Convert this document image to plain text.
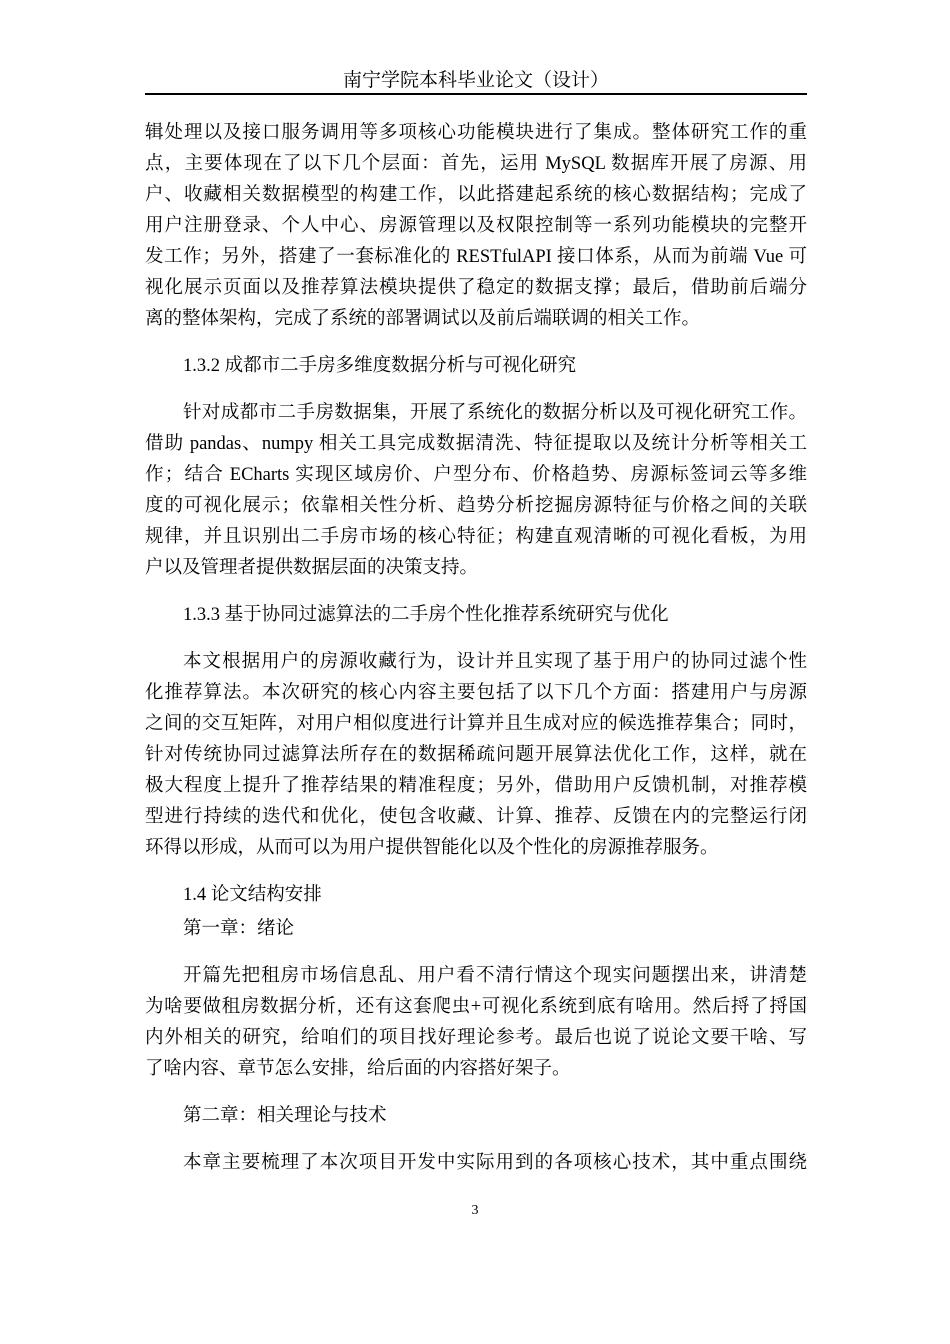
南宁学院本科毕业论文（设计）
辑处理以及接口服务调用等多项核心功能模块进行了集成。整体研究工作的重
点，主要体现在了以下几个层面：首先，运用 MySQL 数据库开展了房源、用
户、收藏相关数据模型的构建工作，以此搭建起系统的核心数据结构；完成了
用户注册登录、个人中心、房源管理以及权限控制等一系列功能模块的完整开
发工作；另外，搭建了一套标准化的 RESTfulAPI 接口体系，从而为前端 Vue 可
视化展示页面以及推荐算法模块提供了稳定的数据支撑；最后，借助前后端分
离的整体架构，完成了系统的部署调试以及前后端联调的相关工作。
1.3.2 成都市二手房多维度数据分析与可视化研究
针对成都市二手房数据集，开展了系统化的数据分析以及可视化研究工作。
借助 pandas、numpy 相关工具完成数据清洗、特征提取以及统计分析等相关工
作；结合 ECharts 实现区域房价、户型分布、价格趋势、房源标签词云等多维
度的可视化展示；依靠相关性分析、趋势分析挖掘房源特征与价格之间的关联
规律，并且识别出二手房市场的核心特征；构建直观清晰的可视化看板，为用
户以及管理者提供数据层面的决策支持。
1.3.3 基于协同过滤算法的二手房个性化推荐系统研究与优化
本文根据用户的房源收藏行为，设计并且实现了基于用户的协同过滤个性
化推荐算法。本次研究的核心内容主要包括了以下几个方面：搭建用户与房源
之间的交互矩阵，对用户相似度进行计算并且生成对应的候选推荐集合；同时，
针对传统协同过滤算法所存在的数据稀疏问题开展算法优化工作，这样，就在
极大程度上提升了推荐结果的精准程度；另外，借助用户反馈机制，对推荐模
型进行持续的迭代和优化，使包含收藏、计算、推荐、反馈在内的完整运行闭
环得以形成，从而可以为用户提供智能化以及个性化的房源推荐服务。
1.4 论文结构安排
第一章：绪论
开篇先把租房市场信息乱、用户看不清行情这个现实问题摆出来，讲清楚
为啥要做租房数据分析，还有这套爬虫+可视化系统到底有啥用。然后捋了捋国
内外相关的研究，给咱们的项目找好理论参考。最后也说了说论文要干啥、写
了啥内容、章节怎么安排，给后面的内容搭好架子。
第二章：相关理论与技术
本章主要梳理了本次项目开发中实际用到的各项核心技术，其中重点围绕
3
